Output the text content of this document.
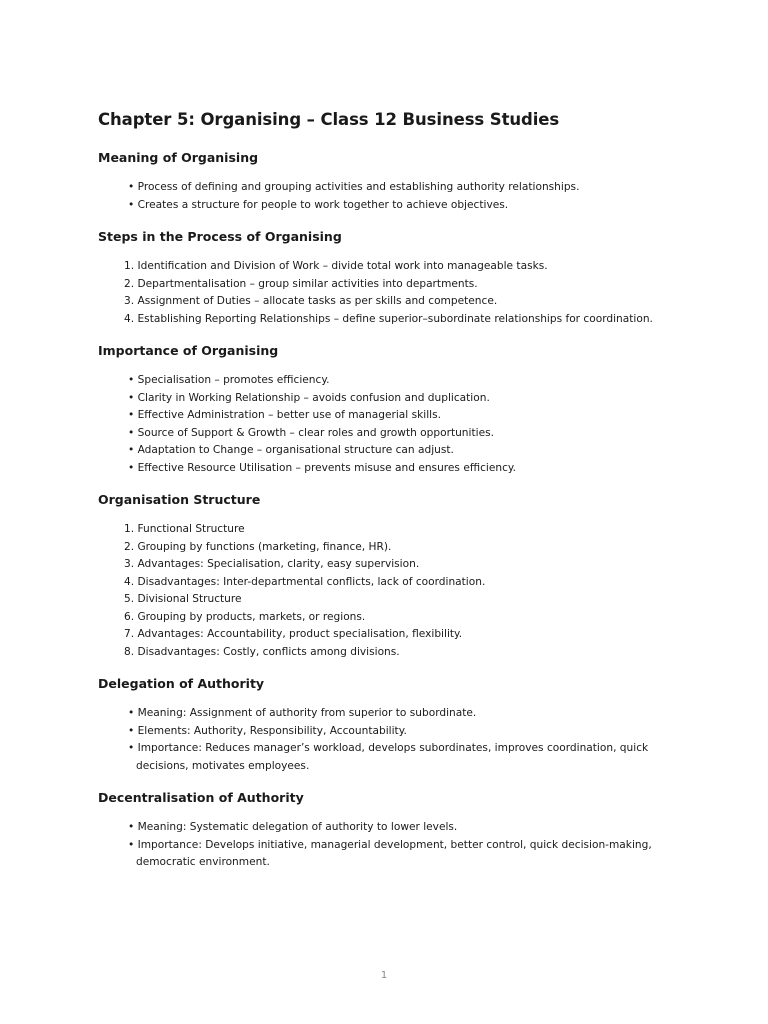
Chapter 5: Organising – Class 12 Business Studies
Meaning of Organising
• Process of defining and grouping activities and establishing authority relationships.
• Creates a structure for people to work together to achieve objectives.
Steps in the Process of Organising
1. Identification and Division of Work – divide total work into manageable tasks.
2. Departmentalisation – group similar activities into departments.
3. Assignment of Duties – allocate tasks as per skills and competence.
4. Establishing Reporting Relationships – define superior–subordinate relationships for coordination.
Importance of Organising
• Specialisation – promotes efficiency.
• Clarity in Working Relationship – avoids confusion and duplication.
• Effective Administration – better use of managerial skills.
• Source of Support & Growth – clear roles and growth opportunities.
• Adaptation to Change – organisational structure can adjust.
• Effective Resource Utilisation – prevents misuse and ensures efficiency.
Organisation Structure
1. Functional Structure
2. Grouping by functions (marketing, finance, HR).
3. Advantages: Specialisation, clarity, easy supervision.
4. Disadvantages: Inter-departmental conflicts, lack of coordination.
5. Divisional Structure
6. Grouping by products, markets, or regions.
7. Advantages: Accountability, product specialisation, flexibility.
8. Disadvantages: Costly, conflicts among divisions.
Delegation of Authority
• Meaning: Assignment of authority from superior to subordinate.
• Elements: Authority, Responsibility, Accountability.
• Importance: Reduces manager’s workload, develops subordinates, improves coordination, quick decisions, motivates employees.
Decentralisation of Authority
• Meaning: Systematic delegation of authority to lower levels.
• Importance: Develops initiative, managerial development, better control, quick decision-making, democratic environment.
1
